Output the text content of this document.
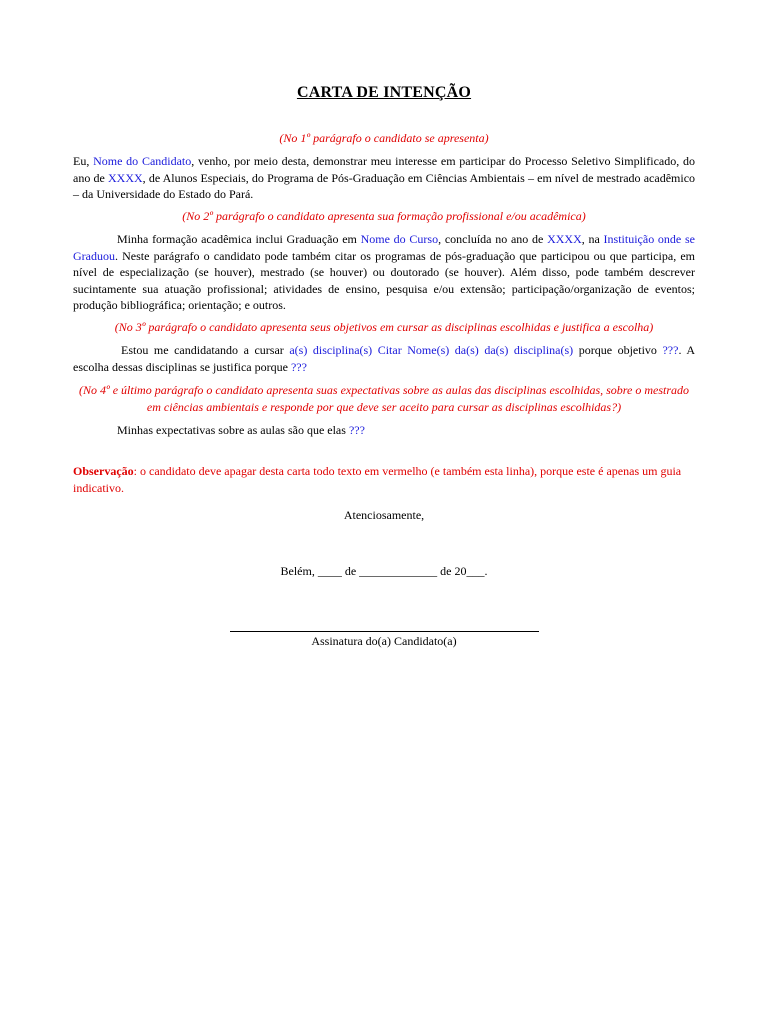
CARTA DE INTENÇÃO
(No 1º parágrafo o candidato se apresenta)
Eu, Nome do Candidato, venho, por meio desta, demonstrar meu interesse em participar do Processo Seletivo Simplificado, do ano de XXXX, de Alunos Especiais, do Programa de Pós-Graduação em Ciências Ambientais – em nível de mestrado acadêmico – da Universidade do Estado do Pará.
(No 2º parágrafo o candidato apresenta sua formação profissional e/ou acadêmica)
Minha formação acadêmica inclui Graduação em Nome do Curso, concluída no ano de XXXX, na Instituição onde se Graduou. Neste parágrafo o candidato pode também citar os programas de pós-graduação que participou ou que participa, em nível de especialização (se houver), mestrado (se houver) ou doutorado (se houver). Além disso, pode também descrever sucintamente sua atuação profissional; atividades de ensino, pesquisa e/ou extensão; participação/organização de eventos; produção bibliográfica; orientação; e outros.
(No 3º parágrafo o candidato apresenta seus objetivos em cursar as disciplinas escolhidas e justifica a escolha)
Estou me candidatando a cursar a(s) disciplina(s) Citar Nome(s) da(s) da(s) disciplina(s) porque objetivo ???. A escolha dessas disciplinas se justifica porque ???
(No 4º e último parágrafo o candidato apresenta suas expectativas sobre as aulas das disciplinas escolhidas, sobre o mestrado em ciências ambientais e responde por que deve ser aceito para cursar as disciplinas escolhidas?)
Minhas expectativas sobre as aulas são que elas ???
Observação: o candidato deve apagar desta carta todo texto em vermelho (e também esta linha), porque este é apenas um guia indicativo.
Atenciosamente,
Belém, ____ de _____________ de 20___.
Assinatura do(a) Candidato(a)
